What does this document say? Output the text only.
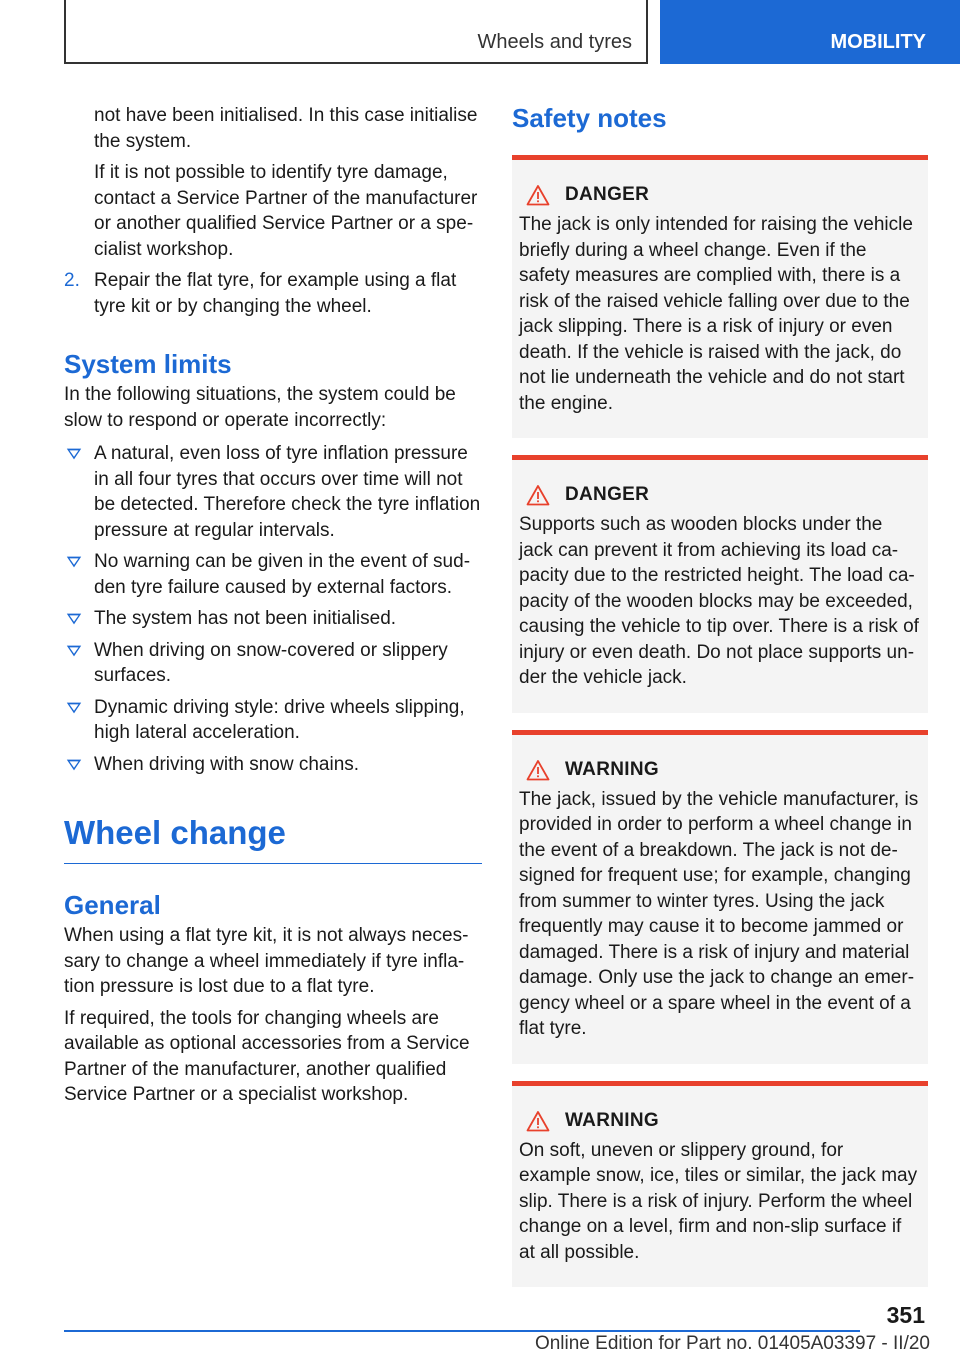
Wheels and tyres	MOBILITY

not have been initialised. In this case initialise the system.

If it is not possible to identify tyre damage, contact a Service Partner of the manufacturer or another qualified Service Partner or a specialist workshop.

2. Repair the flat tyre, for example using a flat tyre kit or by changing the wheel.
System limits

In the following situations, the system could be slow to respond or operate incorrectly:

A natural, even loss of tyre inflation pressure in all four tyres that occurs over time will not be detected. Therefore check the tyre inflation pressure at regular intervals.
No warning can be given in the event of sudden tyre failure caused by external factors.
The system has not been initialised.
When driving on snow-covered or slippery surfaces.
Dynamic driving style: drive wheels slipping, high lateral acceleration.
When driving with snow chains.
Wheel change
General

When using a flat tyre kit, it is not always necessary to change a wheel immediately if tyre inflation pressure is lost due to a flat tyre.

If required, the tools for changing wheels are available as optional accessories from a Service Partner of the manufacturer, another qualified Service Partner or a specialist workshop.

Safety notes
DANGER

The jack is only intended for raising the vehicle briefly during a wheel change. Even if the safety measures are complied with, there is a risk of the raised vehicle falling over due to the jack slipping. There is a risk of injury or even death. If the vehicle is raised with the jack, do not lie underneath the vehicle and do not start the engine.

DANGER

Supports such as wooden blocks under the jack can prevent it from achieving its load capacity due to the restricted height. The load capacity of the wooden blocks may be exceeded, causing the vehicle to tip over. There is a risk of injury or even death. Do not place supports under the vehicle jack.

WARNING

The jack, issued by the vehicle manufacturer, is provided in order to perform a wheel change in the event of a breakdown. The jack is not designed for frequent use; for example, changing from summer to winter tyres. Using the jack frequently may cause it to become jammed or damaged. There is a risk of injury and material damage. Only use the jack to change an emergency wheel or a spare wheel in the event of a flat tyre.

WARNING

On soft, uneven or slippery ground, for example snow, ice, tiles or similar, the jack may slip. There is a risk of injury. Perform the wheel change on a level, firm and non-slip surface if at all possible.

351
Online Edition for Part no. 01405A03397 - II/20
